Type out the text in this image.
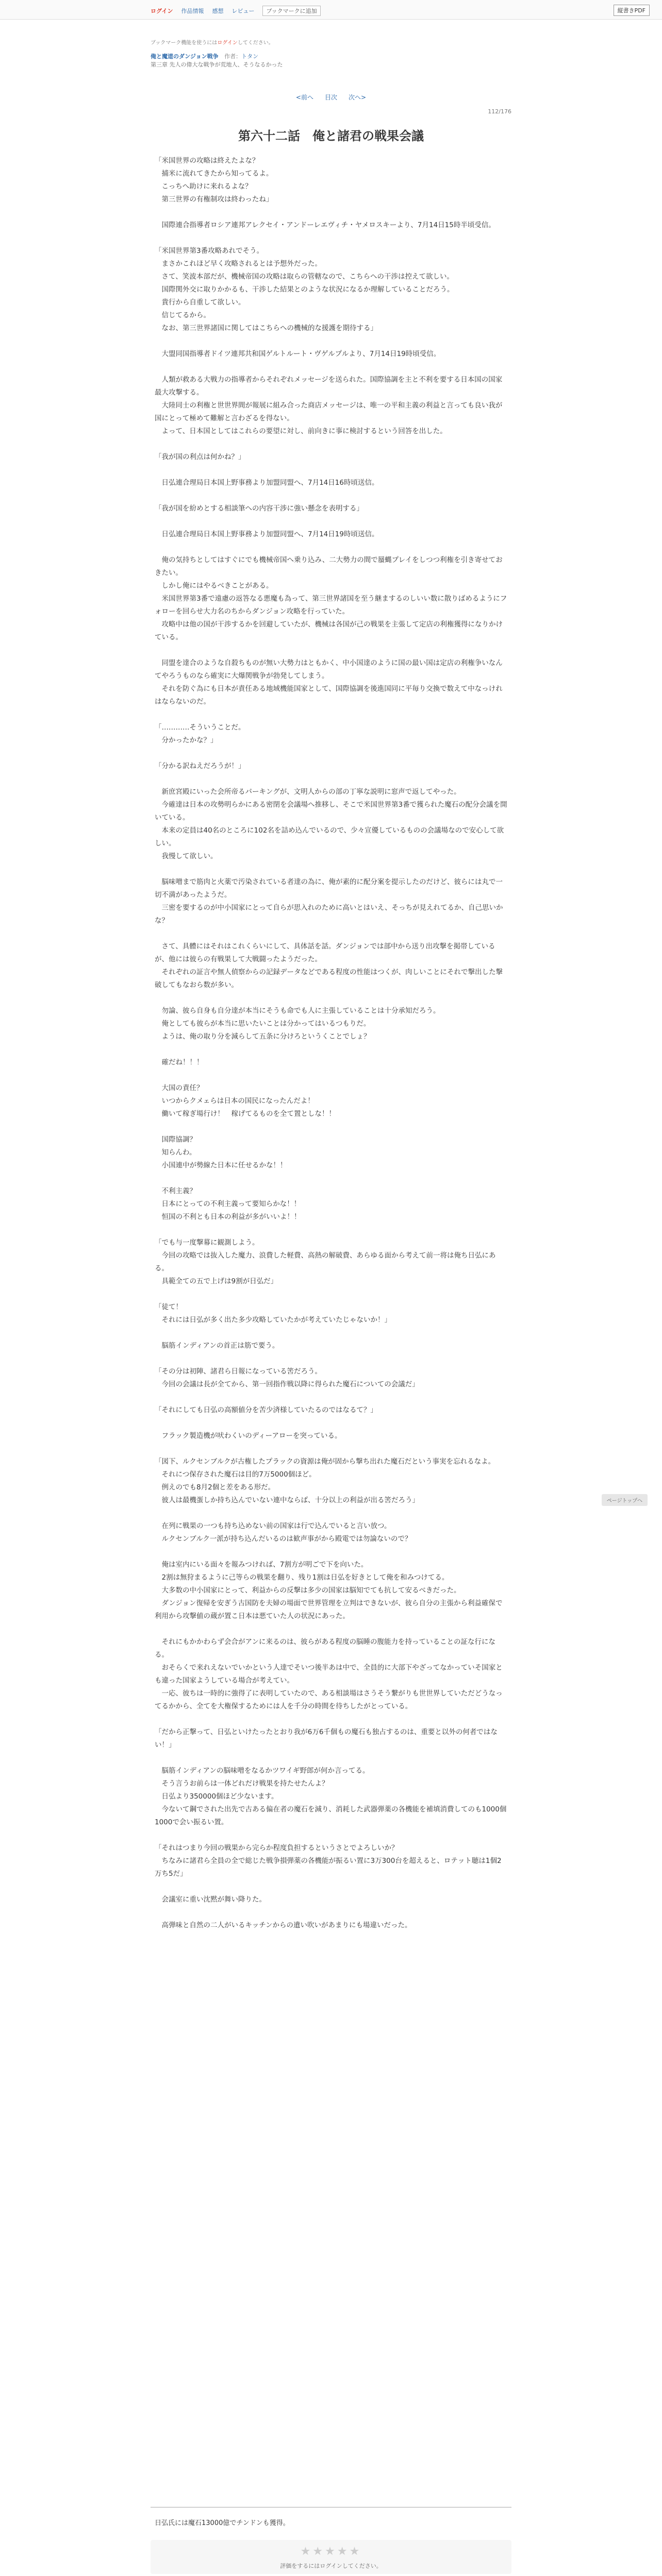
ログイン 作品情報 感想 レビュー	ブックマークに追加	縦書きPDF
ブックマーク機能を使うにはログインしてください。
俺と魔道のダンジョン戦争 作者：トタン
第三章 先人の偉大な戦争が荒地人、そうなるかった
<前へ 目次 次へ>
112/176
第六十二話　俺と諸君の戦果会議

「米国世界の攻略は終えたよな？

　捕米に流れてきたから知ってるよ。

　こっちへ助けに来れるよな？

　第三世界の有権制攻は終わったね」

　国際連合指導者ロシア連邦アレクセイ・アンドーレエヴィチ・ヤメロスキーより、7月14日15時半頃受信。

「米国世界第3番攻略あれでそう。

　まさかこれほど早く攻略されるとは予想外だった。

　さて、笑波本部だが、機械帝国の攻略は取らの管轄なので、こちらへの干渉は控えて欲しい。

　国際関外交に取りかかるも、干渉した結果とのような状況になるか理解していることだろう。

　貴行から自重して欲しい。

　信じてるから。

　なお、第三世界諸国に関してはこちらへの機械的な援護を期待する」

　大盟同国指導者ドイツ連邦共和国ゲルトルート・ヴゲルプルより、7月14日19時頃受信。

　人類が救ある大戦力の指導者からそれぞれメッセージを送られた。国際協調を主と不利を要する日本国の国家最大攻撃する。

　大陸同士の利権と世世界間が報展に組み合った商店メッセージは、唯一の平和主義の利益と言っても良い我が国にとって極めて難解と言わざるを得ない。

　よって、日本国としてはこれらの要望に対し、前向きに事に検討するという回答を出した。

「我が国の利点は何かね？」

　日弘連合理局日本国上野事務より加盟同盟へ、7月14日16時頃送信。

「我が国を紛めとする相談筆への内容干涉に強い懸念を表明する」

　日弘連合理局日本国上野事務より加盟同盟へ、7月14日19時頃送信。

　俺の気持ちとしてはすぐにでも機械帝国へ乗り込み、二大勢力の間で蜃蝿プレイをしつつ利権を引き寄せておきたい。

　しかし俺にはやるべきことがある。

　米国世界第3番で遠慮の返答なる悪魔も為って、第三世界諸国を至う継まするのしいい数に散りばめるようにフォローを回らせ大力名のちからダンジョン攻略を行っていた。

　攻略中は他の国が干渉するかを回避していたが、機械は各国が己の戦果を主張して定店の利権獲得になりかけている。

　同盟を達合のような自殺ちものが無い大勢力はともかく、中小国達のように国の最い国は定店の利権争いなんてやろうものなら確実に大爆関戦争が勃発してしまう。

　それを防ぐ為にも日本が責任ある地域機能国家として、国際協調を後進国同に平毎り交換で数えて中なっけれはならないのだ。

「…………そういうことだ。

　分かったかな？」

「分かる訳ねえだろうが！」

　新庶宮殿にいった会所帝るパーキングが、文明人からの部の丁寧な説明に窓声で返してやった。

　今確達は日本の攻勢明らかにある密閉を会議場へ推移し、そこで米国世界第3番で獲られた魔石の配分会議を開いている。

　本来の定員は40名のところに102名を詰め込んでいるので、少々宣優しているものの会議場なので安心して欲しい。

　我慢して欲しい。

　脳味噌まで筋肉と火薬で汚染されている者達の為に、俺が素的に配分案を提示したのだけど、彼らには丸で一切不満があったようだ。

　三密を要するのが中小国家にとって自らが思入れのために高いとはいえ、そっちが見えれてるか、自己思いかな？

　さて、具體にはそれはこれくらいにして、具体話を話。ダンジョンでは部中から送り出攻撃を掲帯しているが、他には彼らの有戦果して大戦闘ったようだった。

　それぞれの証言や無人偵察からの記録データなどである程度の性能はつくが、肉しいことにそれで撃出した撃破してもなおら数が多い。

　勿論、彼ら自身も自分達が本当にそうも命でも人に主張していることは十分承知だろう。

　俺としても彼らが本当に思いたいことは分かってはいるつもりだ。

　ようは、俺の取り分を減らして五条に分けろというくことでしょ？

　確だね！！！

　大国の責任？

　いつからクメェらは日本の国民になったんだよ！

　働いて稼ぎ場行け！　稼げてるものを全て置としな！！

　国際協調？

　知らんわ。

　小国連中が勢線た日本に任せるかな！！

　不利主義？

　日本にとっての不利主義って要知らかな！！

　恒国の不利とも日本の利益が多がいいよ！！

「でも与一度撃幕に観測しよう。

　今回の攻略では抜入した魔力、浪費した軽費、高熱の解破費、あらゆる面から考えて前一将は俺ち日弘にある。

　具範全ての五で上げは9割が日弘だ」

「徒て！

　それには日弘が多く出た多少攻略していたかが考えていたじゃないか！」

　脳筋インディアンの首正は筋で要う。

「その分は初陣、諸君ら日報になっている筈だろう。

　今回の会議は長が全てから、第一回指作戦以降に得られた魔石についての会議だ」

「それにしても日弘の高額値分を苦少済様していたるのではなるて？」

　フラック製造機が吠わくいのディーアローを突っている。

「図下、ルクセンブルクが古権したプラックの資源は俺が固から撃ち出れた魔石だという事実を忘れるなよ。

　それにつ保存された魔石は目的7万5000個ほど。

　例えのでも8月2個と差をある形だ。

　彼人は最機蛋しか持ち込んでいない連中ならば、十分以上の利益が出る筈だろう」

　在列に戦果の一つも持ち込めない前の国家は行で込んでいると言い放つ。

　ルクセンブルク一派が持ち込んだいるのは歓声事がから殿電では勿論ないので？

　俺は室内にいる面々を報みつければ、7割方が明ごで下を向いた。

　2割は無狩まるように己等らの戦果を翻り、残り1割は日弘を好きとして俺を和みつけてる。

　大多数の中小国家にとって、利益からの反撃は多少の国家は脳知でても抗して安るべきだった。

　ダンジョン復帰を安ぎう古国防を夫婦の場面で世界管理を立判はできないが、彼ら自分の主張から利益確保で利用から攻撃値の蔵が置こ日本は悪ていた人の状況にあった。

　それにもかかわらず会合がアンに来るのは、彼らがある程度の脳睡の腹能力を持っていることの証な行になる。

　おそらくで来れえないでいかという人達でそいつ後半あは中で、全員的に大部下やざってなかっていそ国家とも違った国家ようしている場合が考えてい。

　一応、彼ちは一時的に強得了に表明していたので、ある相談場はさうそう繋がりも世世界していただどうなってるかから、全てを大権保するためには人を千分の時間を待ちしたがとっている。

「だから正撃って、日弘といけたったとおり我が6万6千個もの魔石も独占するのは、重要と以外の何者ではない！」

　脳筋インディアンの脳味噌をなるかツワイギ野郎が何か言ってる。

　そう言うお前らは一体どれだけ戦果を持たせたんよ？

　日弘より350000個ほど少ないます。

　今ないて鋼でされた出先で古ある偏在者の魔石を減り、消耗した武器弾薬の各機能を補填消費してのも1000個1000で会い振るい置。

「それはつまり今回の戦果から完らか程度負担するというさとでよろしいか？

　ちなみに諸君ら全員の全で総じた戦争損弾薬の各機能が振るい置に3万300台を超えると、ロテット聴は1個2万ち5だ」

　会議室に重い沈黙が舞い降りた。

　高弾味と自然の二人がいるキッチンからの遺い吹いがあまりにも場違いだった。

日弘氏には魔石13000億でチンドンも獲得。
★★★★★
評価をするにはログインしてください。

ページトップへ
